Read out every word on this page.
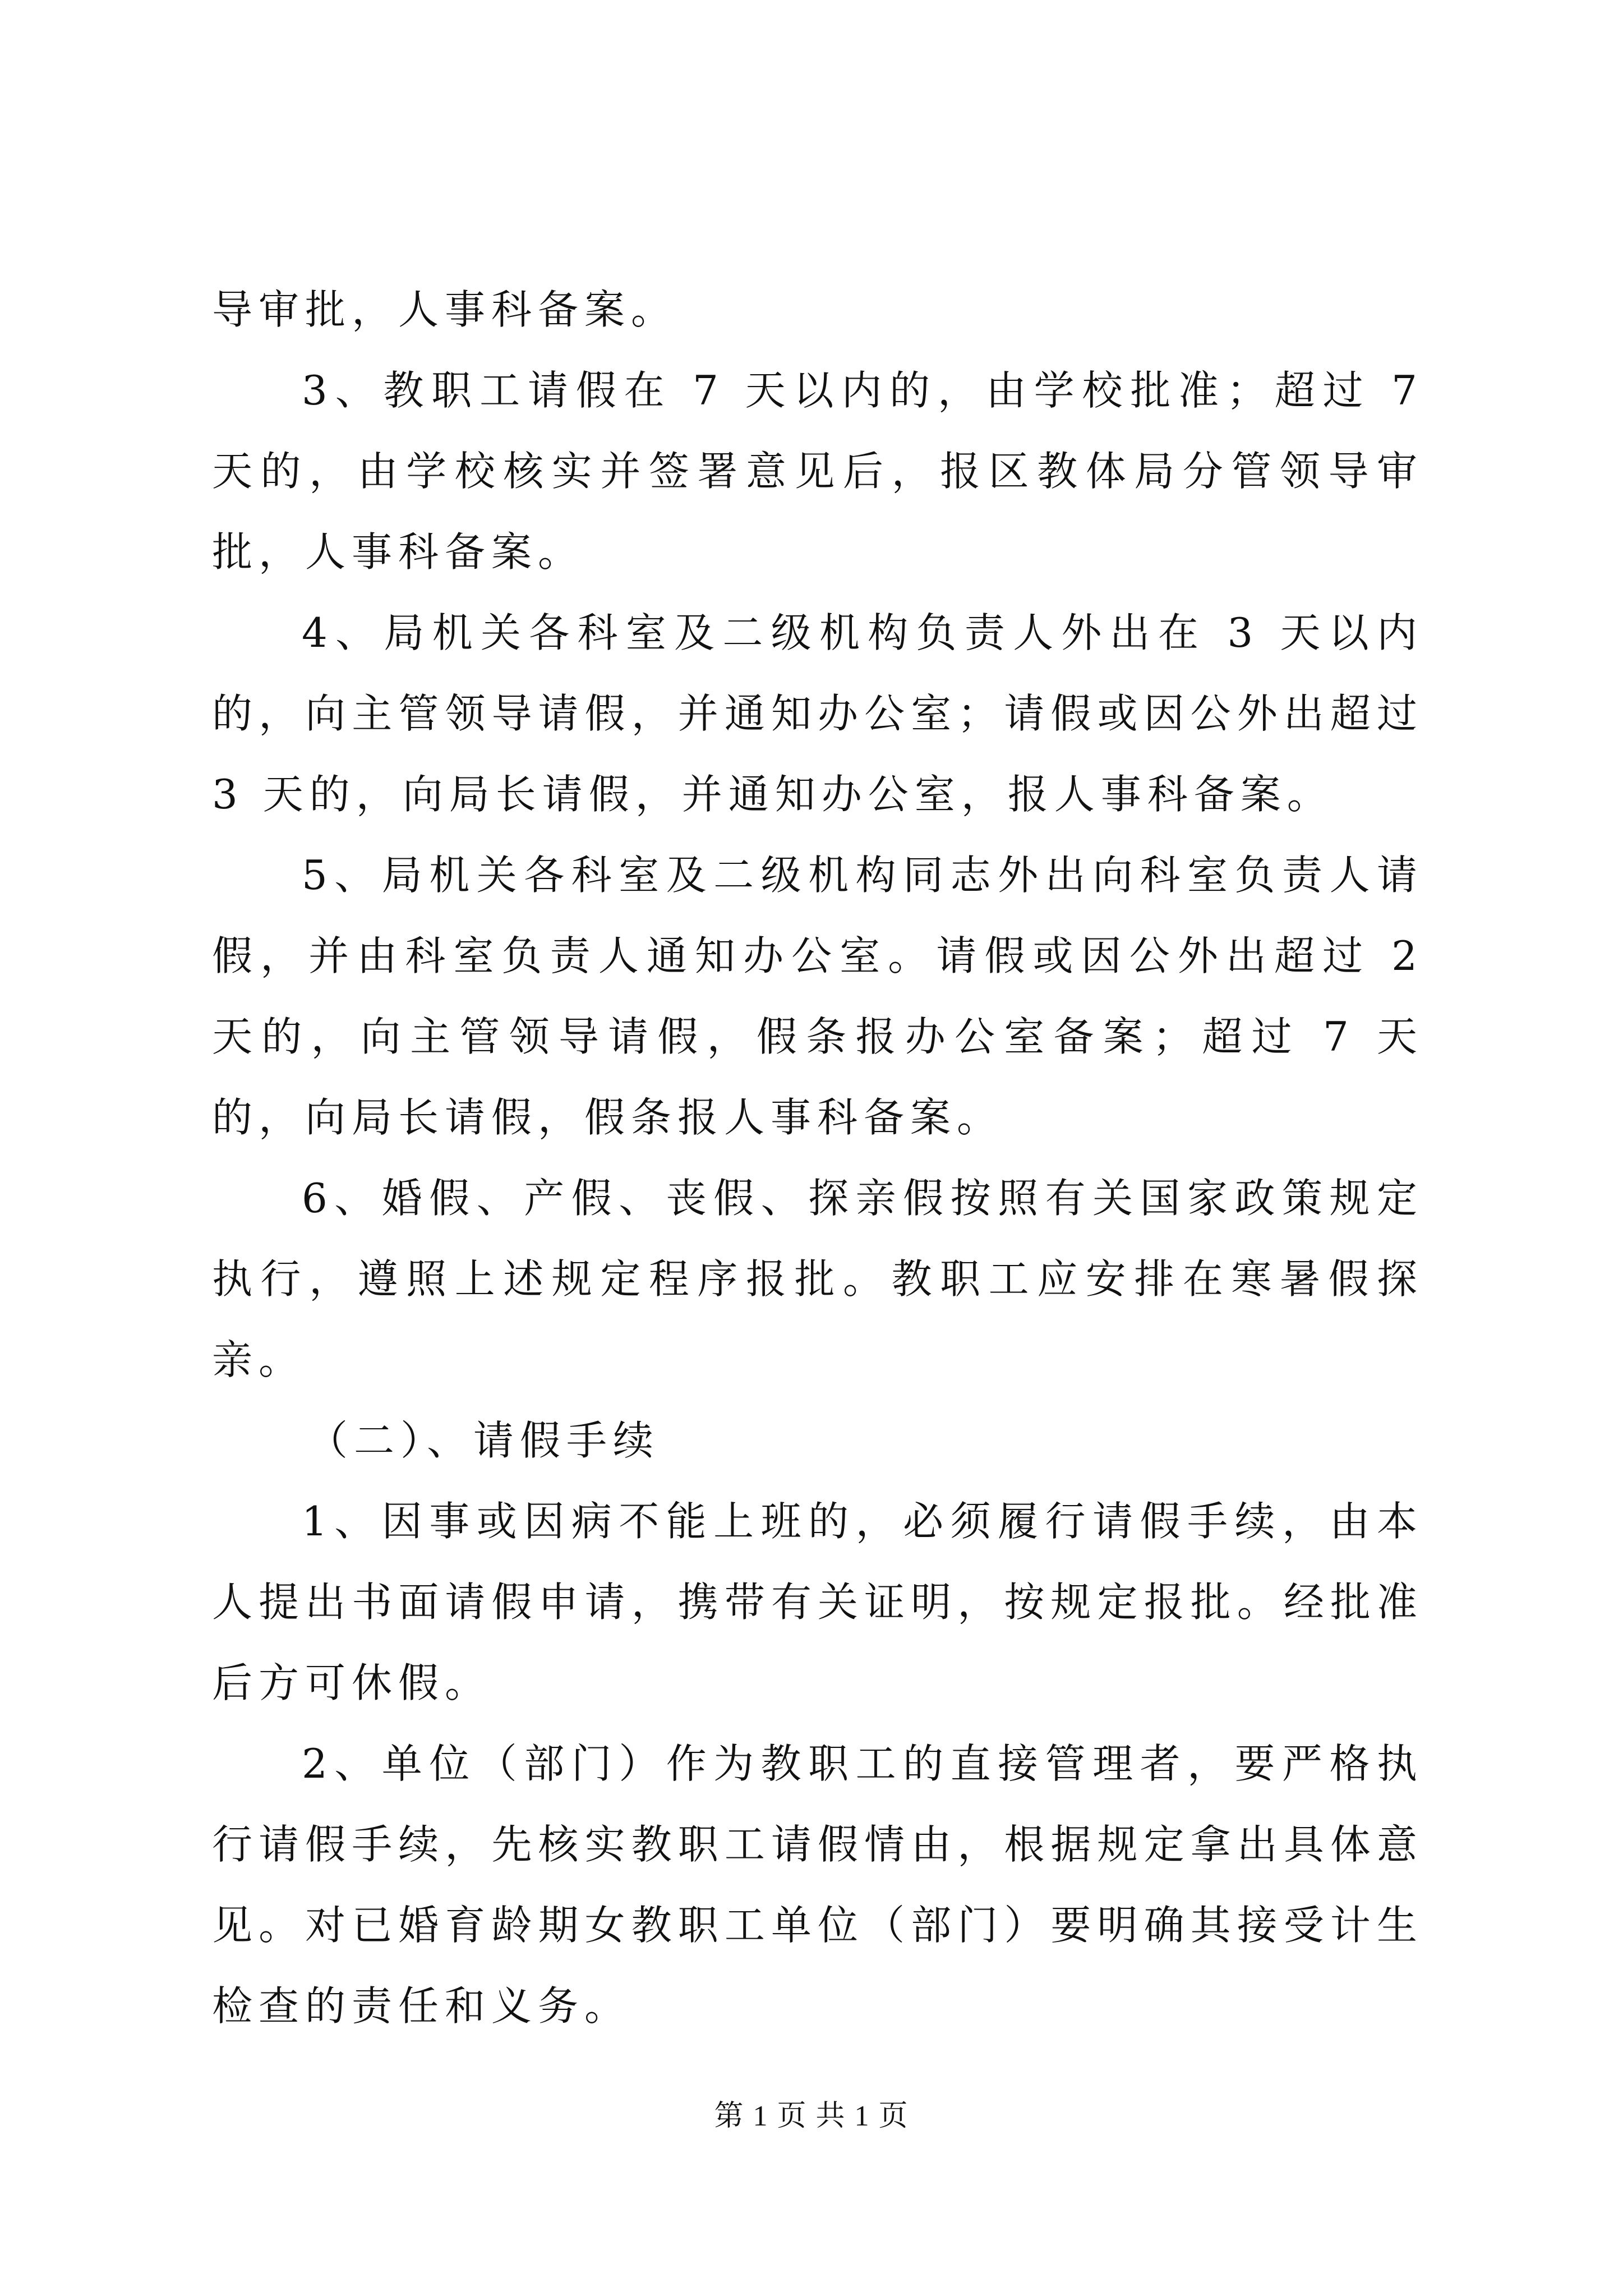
导审批，人事科备案。

3、教职工请假在 7 天以内的，由学校批准；超过 7 天的，由学校核实并签署意见后，报区教体局分管领导审批，人事科备案。

4、局机关各科室及二级机构负责人外出在 3 天以内的，向主管领导请假，并通知办公室；请假或因公外出超过 3 天的，向局长请假，并通知办公室，报人事科备案。

5、局机关各科室及二级机构同志外出向科室负责人请假，并由科室负责人通知办公室。请假或因公外出超过 2 天的，向主管领导请假，假条报办公室备案；超过 7 天的，向局长请假，假条报人事科备案。

6、婚假、产假、丧假、探亲假按照有关国家政策规定执行，遵照上述规定程序报批。教职工应安排在寒暑假探亲。

（二）、请假手续

1、因事或因病不能上班的，必须履行请假手续，由本人提出书面请假申请，携带有关证明，按规定报批。经批准后方可休假。

2、单位（部门）作为教职工的直接管理者，要严格执行请假手续，先核实教职工请假情由，根据规定拿出具体意见。对已婚育龄期女教职工单位（部门）要明确其接受计生检查的责任和义务。

第 1 页 共 1 页
